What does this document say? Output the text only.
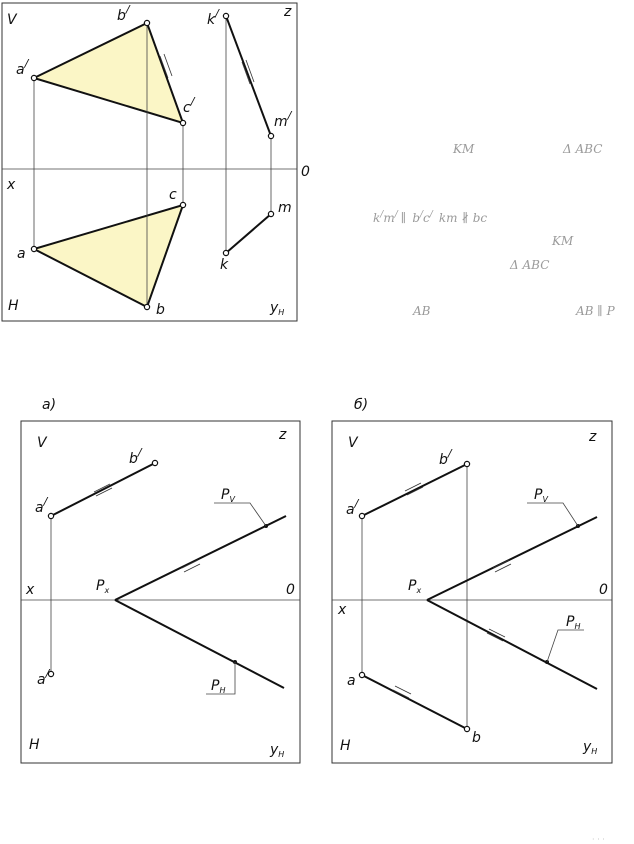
V	z
x
0
H	$y_H$
a/
b/
c/
k/
m/
a
b
c
k
m
KM	Δ ABC
k/m/ ∥ b/c/ km ∦ bc
KM
Δ ABC
AB	AB ∥ P
а)
V	z
x	0
H	$y_H$
a/
b/
a/
$P_x$
$P_V$
$P_H$
б)
V	z
x
0
H	$y_H$
a/
b/
a
b
$P_x$
$P_V$
$P_H$
· · ·
